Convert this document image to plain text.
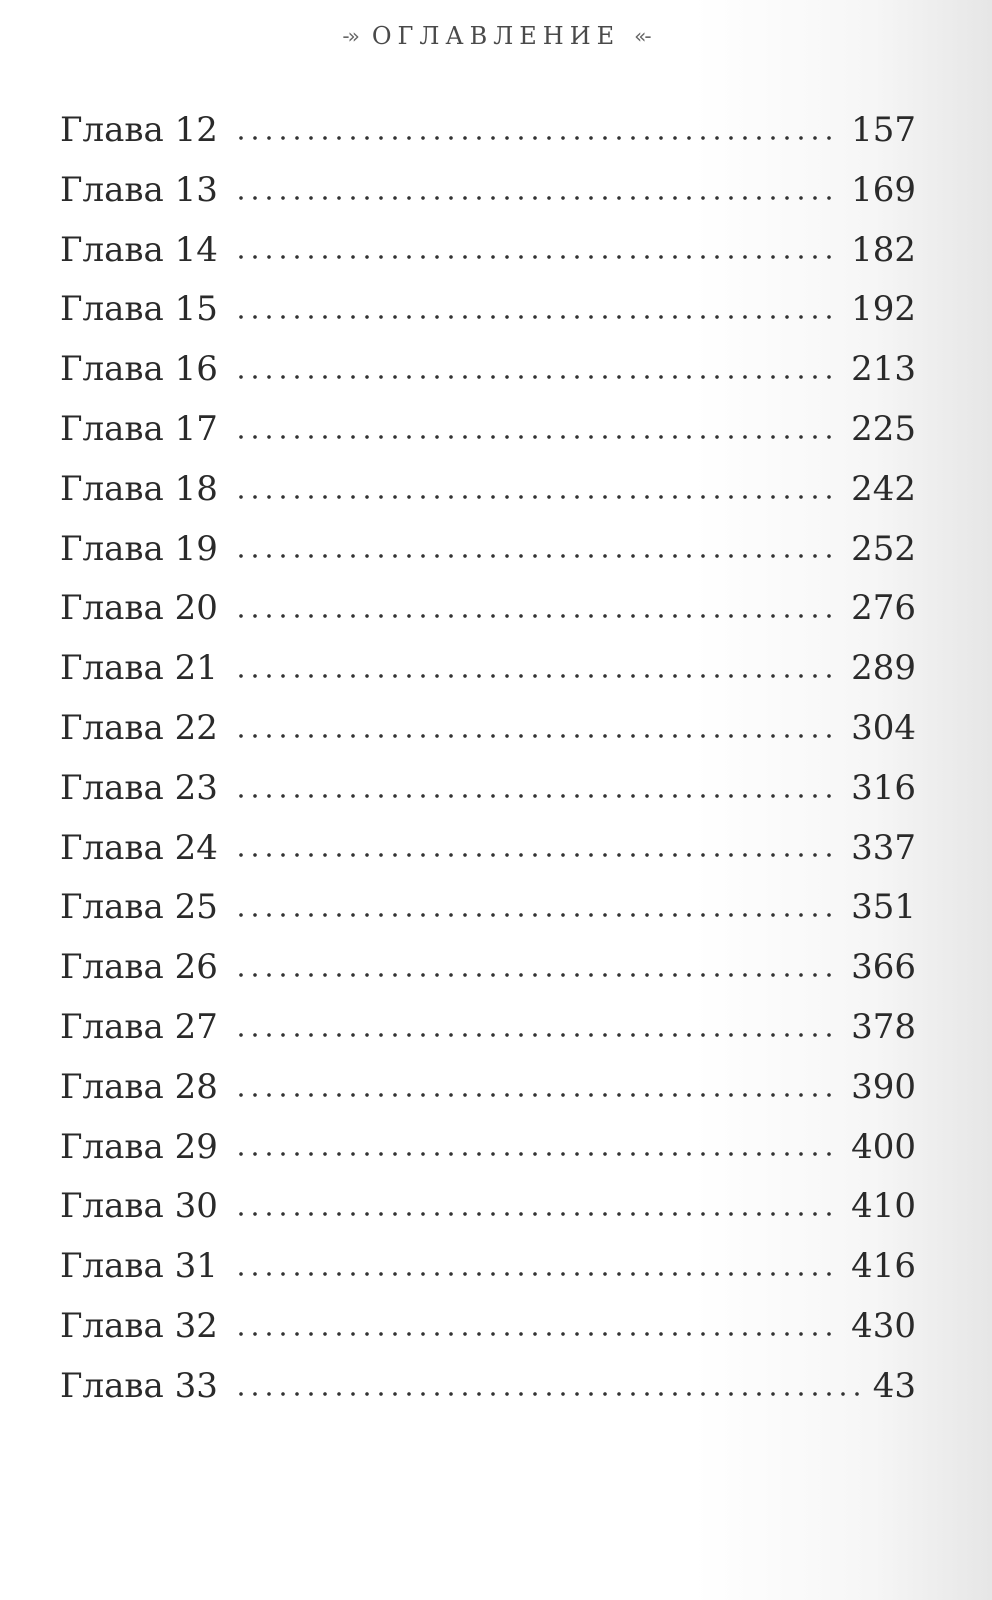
-» ОГЛАВЛЕНИЕ «-
Глава 12	157
Глава 13	169
Глава 14	182
Глава 15	192
Глава 16	213
Глава 17	225
Глава 18	242
Глава 19	252
Глава 20	276
Глава 21	289
Глава 22	304
Глава 23	316
Глава 24	337
Глава 25	351
Глава 26	366
Глава 27	378
Глава 28	390
Глава 29	400
Глава 30	410
Глава 31	416
Глава 32	430
Глава 33	43
